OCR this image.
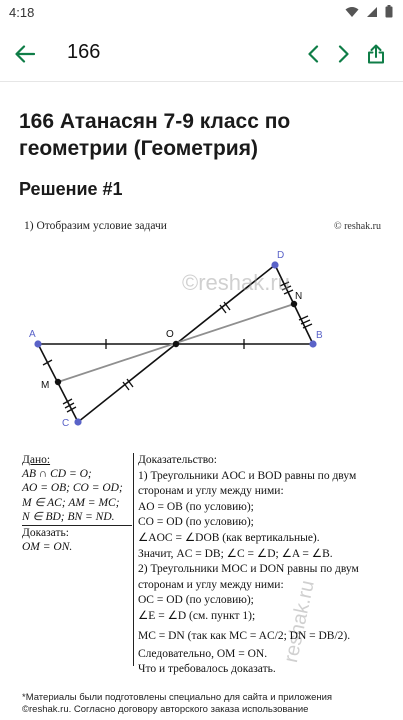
4:18
166
166 Атанасян 7-9 класс по геометрии (Геометрия)
Решение #1
1) Отобразим условие задачи	© reshak.ru
A	B
C
D
O
M
N
©reshak.ru
reshak.ru
Дано:
AB ∩ CD = O;
AO = OB; CO = OD;
M ∈ AC; AM = MC;
N ∈ BD; BN = ND.
Доказать:
OM = ON.
Доказательство:
1) Треугольники AOC и BOD равны по двум
сторонам и углу между ними:
AO = OB (по условию);
CO = OD (по условию);
∠AOC = ∠DOB (как вертикальные).
Значит, AC = DB; ∠C = ∠D; ∠A = ∠B.
2) Треугольники MOC и DON равны по двум
сторонам и углу между ними:
OC = OD (по условию);
∠E = ∠D (см. пункт 1);
MC = DN (так как MC = AC/2; DN = DB/2).
Следовательно, OM = ON.
Что и требовалось доказать.
*Материалы были подготовлены специально для сайта и приложения
©reshak.ru. Согласно договору авторского заказа использование
